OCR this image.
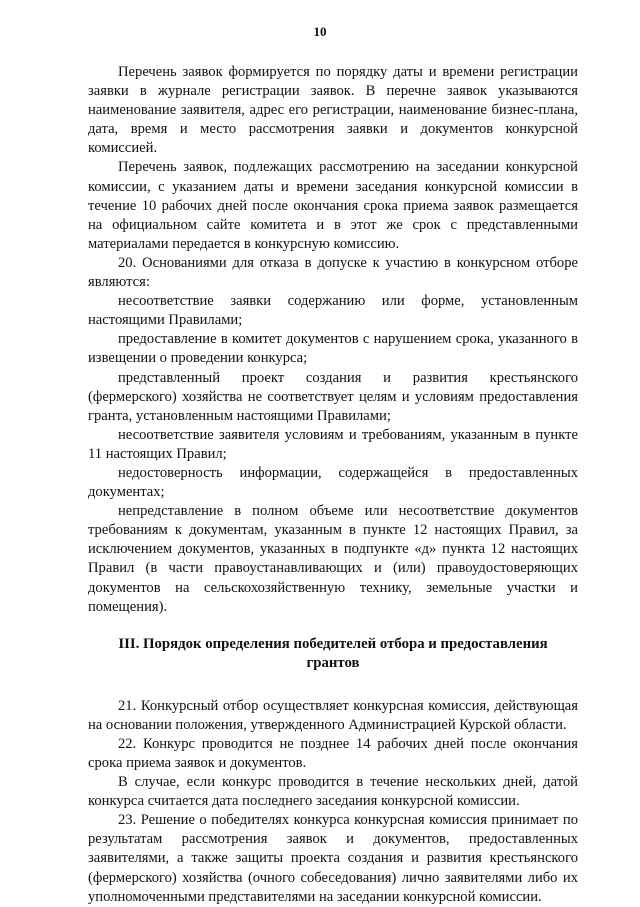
10

Перечень заявок формируется по порядку даты и времени регистрации заявки в журнале регистрации заявок. В перечне заявок указываются наименование заявителя, адрес его регистрации, наименование бизнес-плана, дата, время и место рассмотрения заявки и документов конкурсной комиссией.

Перечень заявок, подлежащих рассмотрению на заседании конкурсной комиссии, с указанием даты и времени заседания конкурсной комиссии в течение 10 рабочих дней после окончания срока приема заявок размещается на официальном сайте комитета и в этот же срок с представленными материалами передается в конкурсную комиссию.

20. Основаниями для отказа в допуске к участию в конкурсном отборе являются:

несоответствие заявки содержанию или форме, установленным настоящими Правилами;

предоставление в комитет документов с нарушением срока, указанного в извещении о проведении конкурса;

представленный проект создания и развития крестьянского (фермерского) хозяйства не соответствует целям и условиям предоставления гранта, установленным настоящими Правилами;

несоответствие заявителя условиям и требованиям, указанным в пункте 11 настоящих Правил;

недостоверность информации, содержащейся в предоставленных документах;

непредставление в полном объеме или несоответствие документов требованиям к документам, указанным в пункте 12 настоящих Правил, за исключением документов, указанных в подпункте «д» пункта 12 настоящих Правил (в части правоустанавливающих и (или) правоудостоверяющих документов на сельскохозяйственную технику, земельные участки и помещения).

III. Порядок определения победителей отбора и предоставления грантов

21. Конкурсный отбор осуществляет конкурсная комиссия, действующая на основании положения, утвержденного Администрацией Курской области.

22. Конкурс проводится не позднее 14 рабочих дней после окончания срока приема заявок и документов.

В случае, если конкурс проводится в течение нескольких дней, датой конкурса считается дата последнего заседания конкурсной комиссии.

23. Решение о победителях конкурса конкурсная комиссия принимает по результатам рассмотрения заявок и документов, предоставленных заявителями, а также защиты проекта создания и развития крестьянского (фермерского) хозяйства (очного собеседования) лично заявителями либо их уполномоченными представителями на заседании конкурсной комиссии.
